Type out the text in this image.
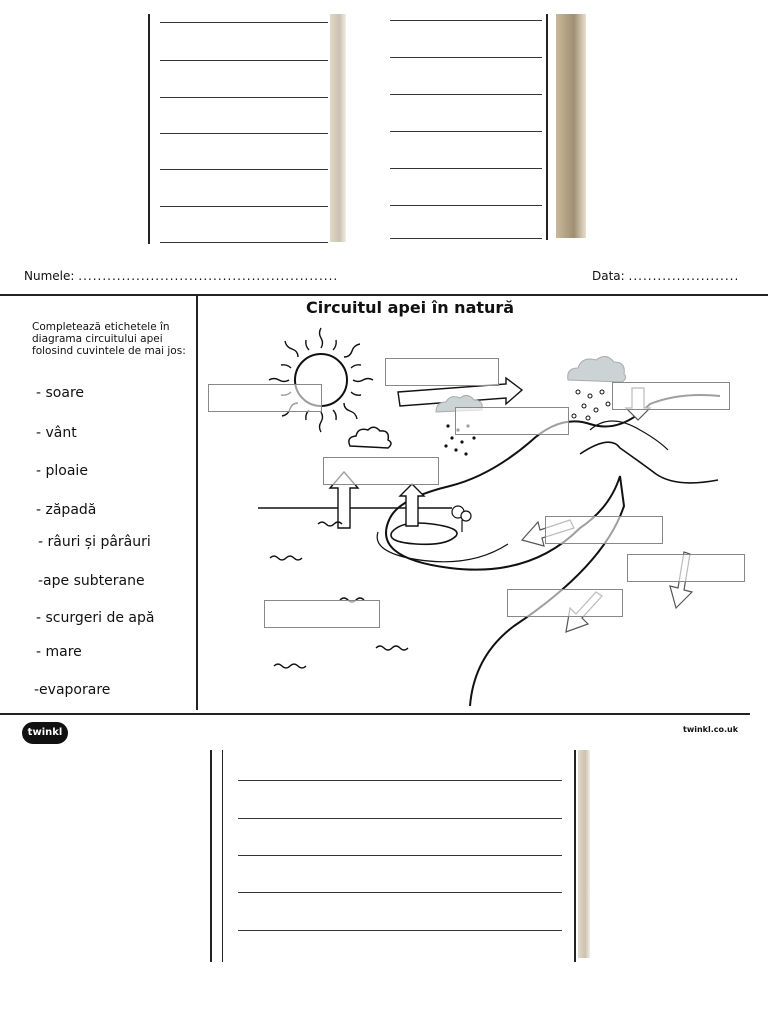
Numele: ......................................................	Data: .......................
Circuitul apei în natură
Completează etichetele în diagrama circuitului apei folosind cuvintele de mai jos:
- soare
- vânt
- ploaie
- zăpadă
- râuri și pârâuri
-ape subterane
- scurgeri de apă
- mare
-evaporare
twinkl	twinkl.co.uk
